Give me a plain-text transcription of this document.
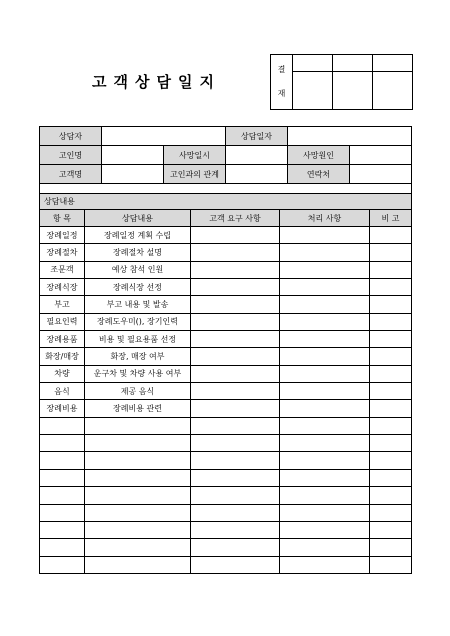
고객상담일지
결

재			

상담자			상담일자		
고인명		사망일시		사망원인	
고객명		고인과의 관계		연락처	

상담내용				
항 목	상담내용	고객 요구 사항	처리 사항	비 고
장례일정	장례일정 계획 수립			
장례절차	장례절차 설명			
조문객	예상 참석 인원			
장례식장	장례식장 선정			
부고	부고 내용 및 발송			
필요인력	장례도우미(), 장기인력			
장례용품	비용 및 필요용품 선정			
화장/매장	화장, 매장 여부			
차량	운구차 및 차량 사용 여부			
음식	제공 음식			
장례비용	장례비용 관련			
